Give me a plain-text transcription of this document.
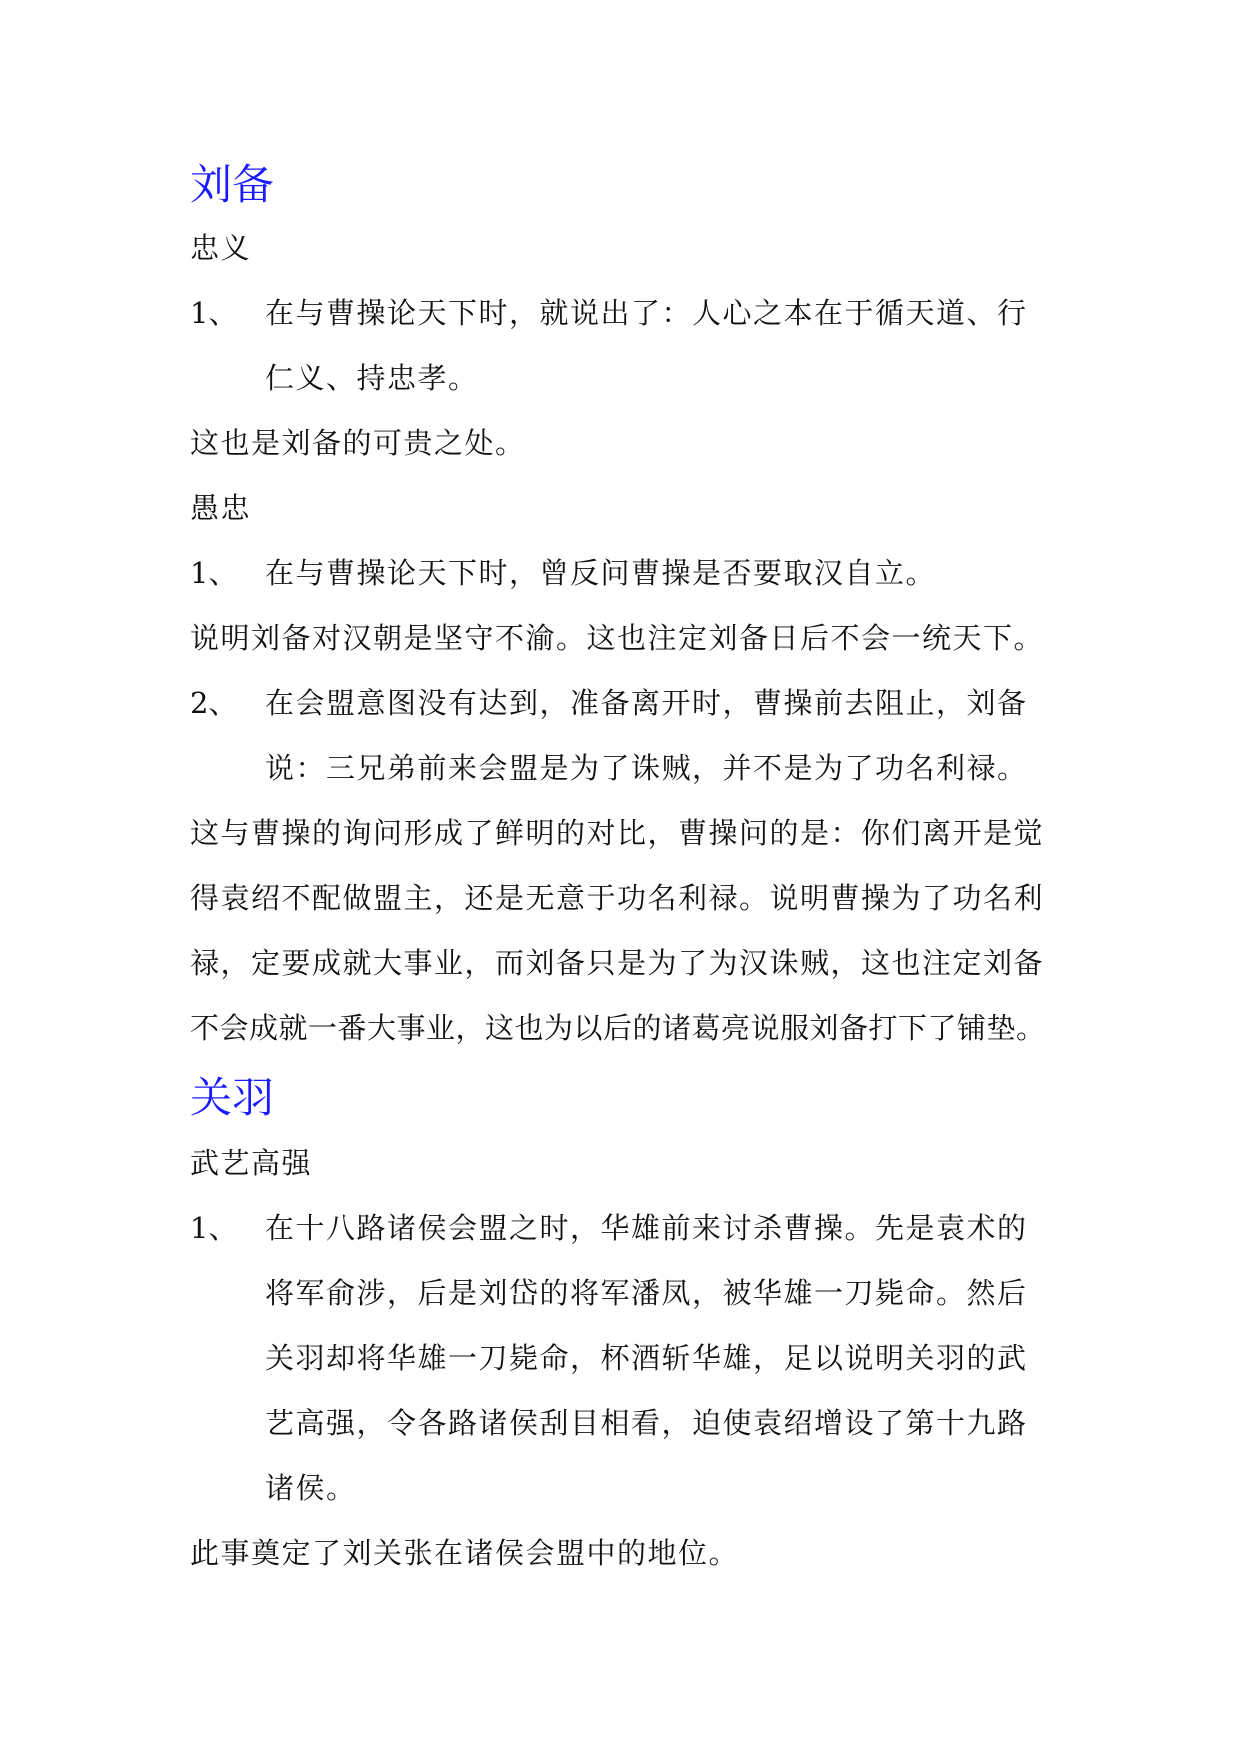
刘备
忠义
1、 在与曹操论天下时，就说出了：人心之本在于循天道、行
仁义、持忠孝。
这也是刘备的可贵之处。
愚忠
1、 在与曹操论天下时，曾反问曹操是否要取汉自立。
说明刘备对汉朝是坚守不渝。这也注定刘备日后不会一统天下。
2、 在会盟意图没有达到，准备离开时，曹操前去阻止，刘备
说：三兄弟前来会盟是为了诛贼，并不是为了功名利禄。
这与曹操的询问形成了鲜明的对比，曹操问的是：你们离开是觉
得袁绍不配做盟主，还是无意于功名利禄。说明曹操为了功名利
禄，定要成就大事业，而刘备只是为了为汉诛贼，这也注定刘备
不会成就一番大事业，这也为以后的诸葛亮说服刘备打下了铺垫。
关羽
武艺高强
1、 在十八路诸侯会盟之时，华雄前来讨杀曹操。先是袁术的
将军俞涉，后是刘岱的将军潘凤，被华雄一刀毙命。然后
关羽却将华雄一刀毙命，杯酒斩华雄，足以说明关羽的武
艺高强，令各路诸侯刮目相看，迫使袁绍增设了第十九路
诸侯。
此事奠定了刘关张在诸侯会盟中的地位。
